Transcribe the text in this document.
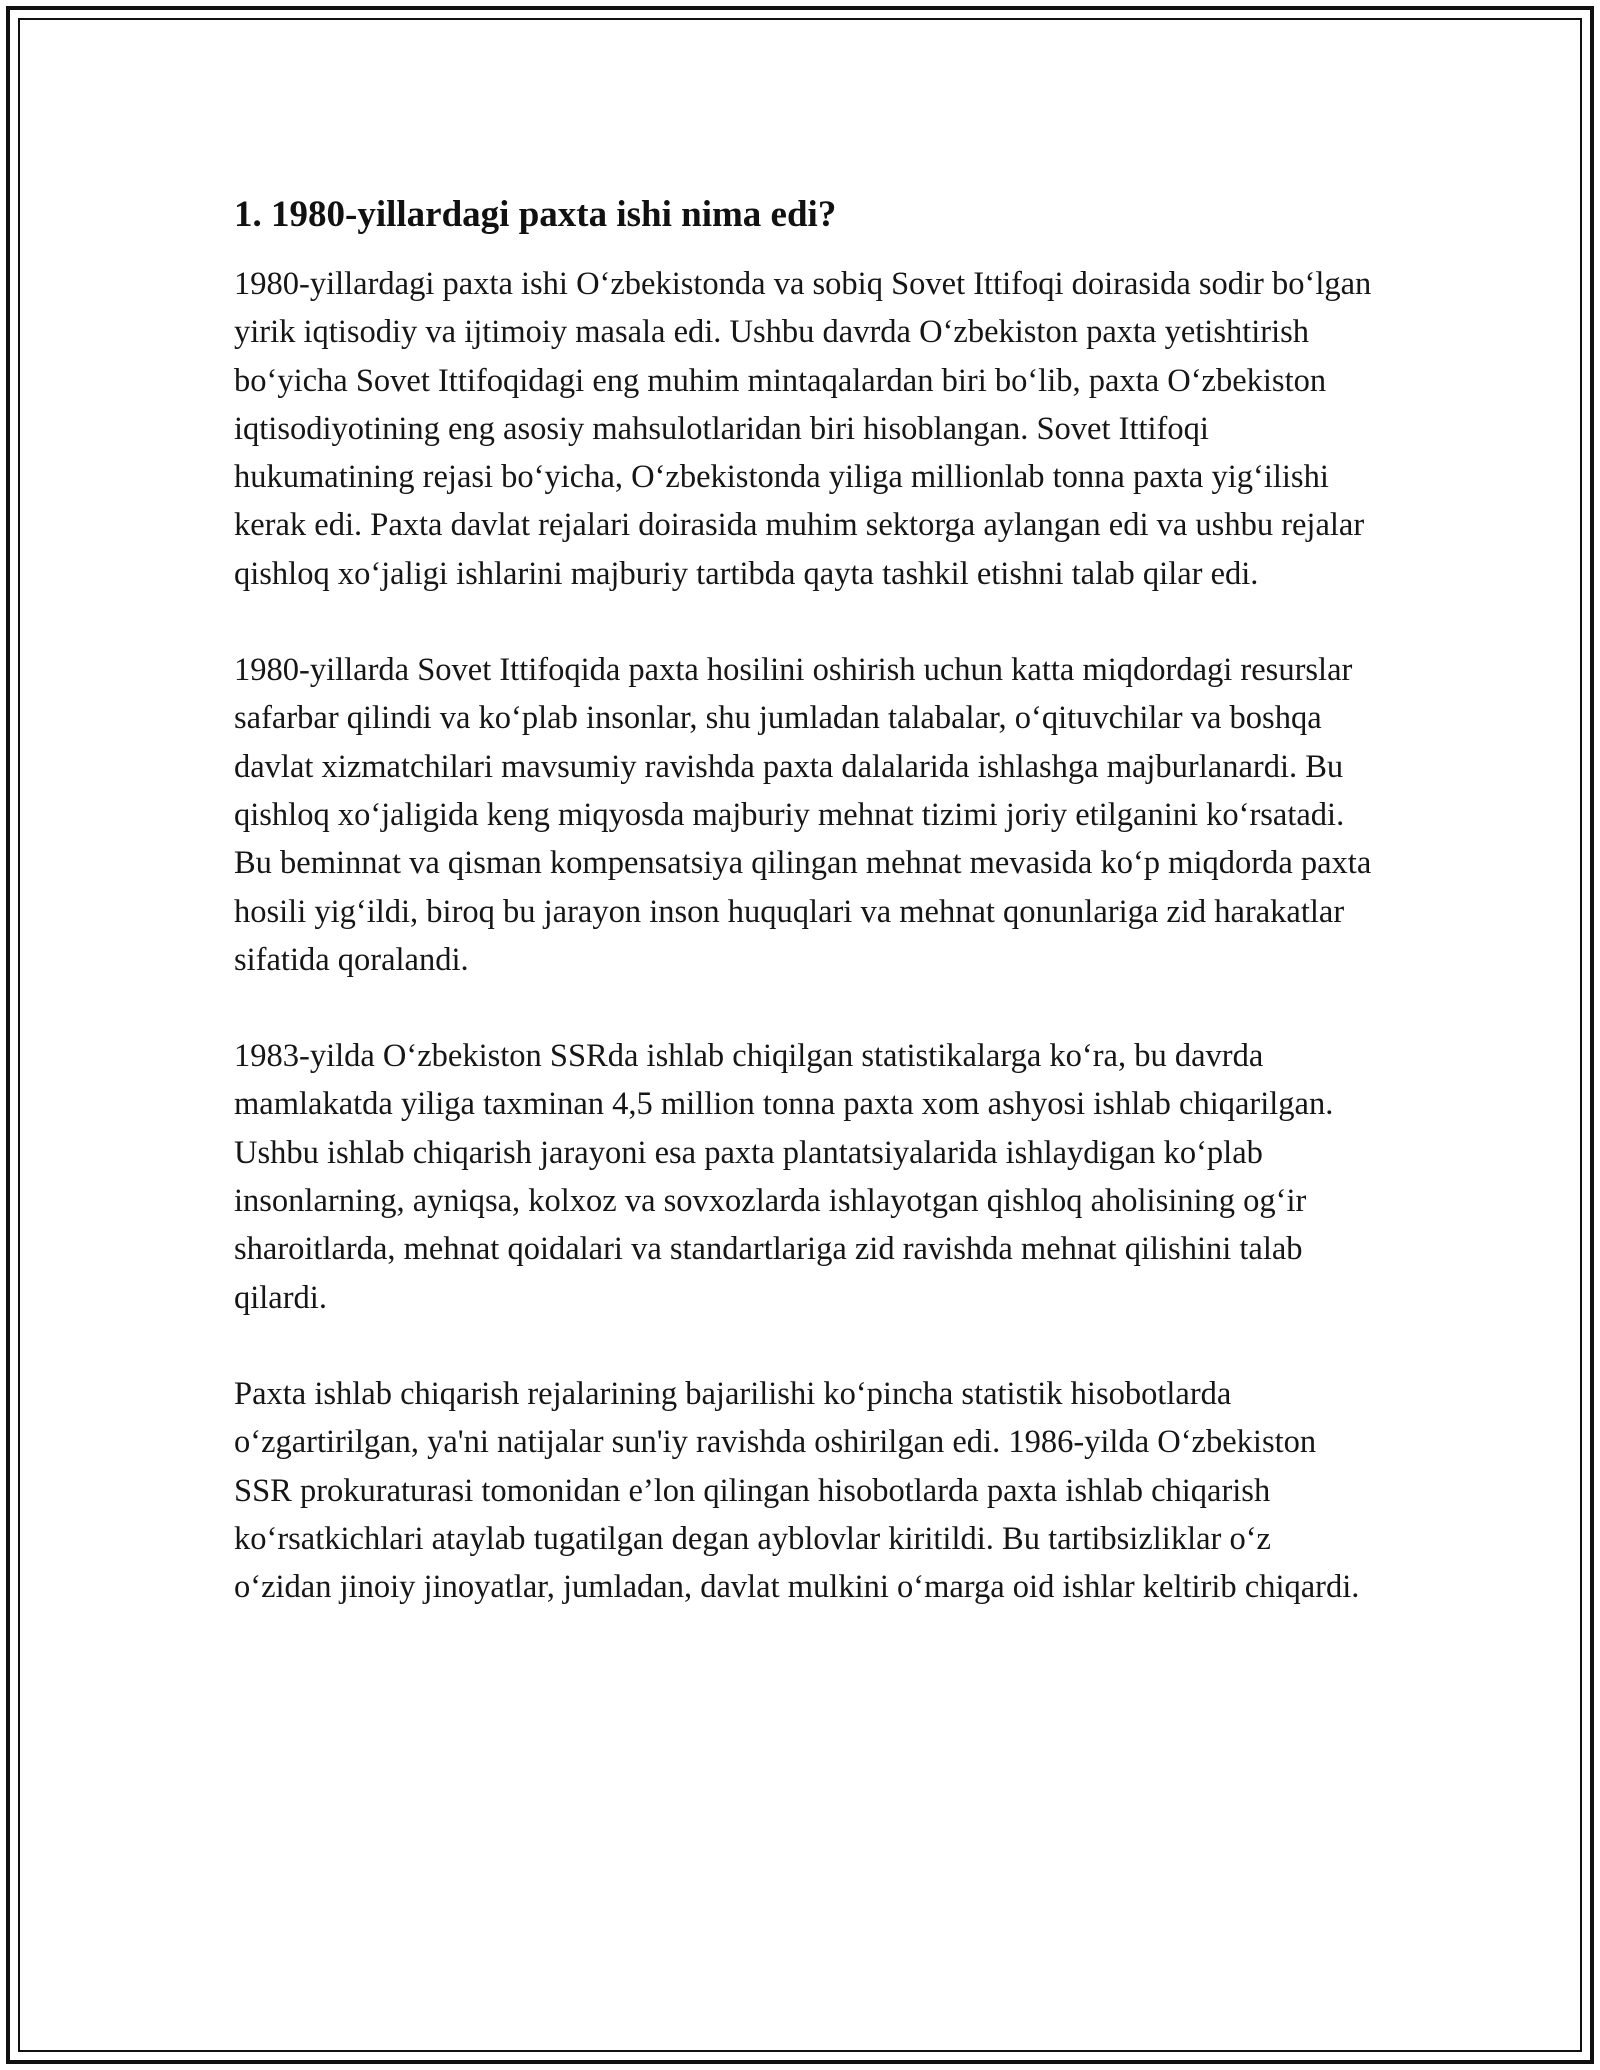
1. 1980-yillardagi paxta ishi nima edi?

1980-yillardagi paxta ishi O‘zbekistonda va sobiq Sovet Ittifoqi doirasida sodir bo‘lgan yirik iqtisodiy va ijtimoiy masala edi. Ushbu davrda O‘zbekiston paxta yetishtirish bo‘yicha Sovet Ittifoqidagi eng muhim mintaqalardan biri bo‘lib, paxta O‘zbekiston iqtisodiyotining eng asosiy mahsulotlaridan biri hisoblangan. Sovet Ittifoqi hukumatining rejasi bo‘yicha, O‘zbekistonda yiliga millionlab tonna paxta yig‘ilishi kerak edi. Paxta davlat rejalari doirasida muhim sektorga aylangan edi va ushbu rejalar qishloq xo‘jaligi ishlarini majburiy tartibda qayta tashkil etishni talab qilar edi.

1980-yillarda Sovet Ittifoqida paxta hosilini oshirish uchun katta miqdordagi resurslar safarbar qilindi va ko‘plab insonlar, shu jumladan talabalar, o‘qituvchilar va boshqa davlat xizmatchilari mavsumiy ravishda paxta dalalarida ishlashga majburlanardi. Bu qishloq xo‘jaligida keng miqyosda majburiy mehnat tizimi joriy etilganini ko‘rsatadi. Bu beminnat va qisman kompensatsiya qilingan mehnat mevasida ko‘p miqdorda paxta hosili yig‘ildi, biroq bu jarayon inson huquqlari va mehnat qonunlariga zid harakatlar sifatida qoralandi.

1983-yilda O‘zbekiston SSRda ishlab chiqilgan statistikalarga ko‘ra, bu davrda mamlakatda yiliga taxminan 4,5 million tonna paxta xom ashyosi ishlab chiqarilgan. Ushbu ishlab chiqarish jarayoni esa paxta plantatsiyalarida ishlaydigan ko‘plab insonlarning, ayniqsa, kolxoz va sovxozlarda ishlayotgan qishloq aholisining og‘ir sharoitlarda, mehnat qoidalari va standartlariga zid ravishda mehnat qilishini talab qilardi.

Paxta ishlab chiqarish rejalarining bajarilishi ko‘pincha statistik hisobotlarda o‘zgartirilgan, ya'ni natijalar sun'iy ravishda oshirilgan edi. 1986-yilda O‘zbekiston SSR prokuraturasi tomonidan e’lon qilingan hisobotlarda paxta ishlab chiqarish ko‘rsatkichlari ataylab tugatilgan degan ayblovlar kiritildi. Bu tartibsizliklar o‘z o‘zidan jinoiy jinoyatlar, jumladan, davlat mulkini o‘marga oid ishlar keltirib chiqardi.
